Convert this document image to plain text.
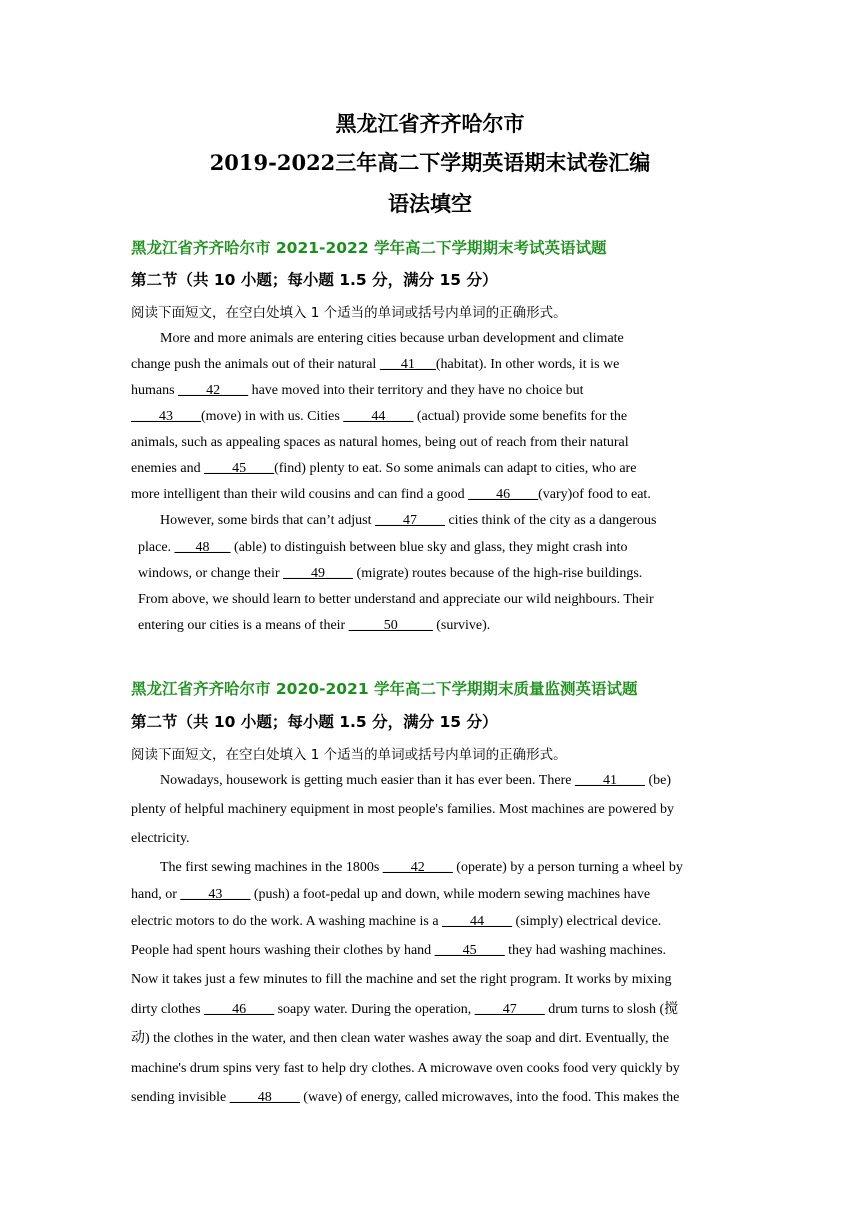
黑龙江省齐齐哈尔市
2019-2022三年高二下学期英语期末试卷汇编
语法填空
黑龙江省齐齐哈尔市 2021-2022 学年高二下学期期末考试英语试题
第二节（共 10 小题；每小题 1.5 分，满分 15 分）
阅读下面短文，在空白处填入 1 个适当的单词或括号内单词的正确形式。
More and more animals are entering cities because urban development and climate
change push the animals out of their natural ___41___(habitat). In other words, it is we
humans ____42____ have moved into their territory and they have no choice but
____43____(move) in with us. Cities ____44____ (actual) provide some benefits for the
animals, such as appealing spaces as natural homes, being out of reach from their natural
enemies and ____45____(find) plenty to eat. So some animals can adapt to cities, who are
more intelligent than their wild cousins and can find a good ____46____(vary)of food to eat.
However, some birds that can’t adjust ____47____ cities think of the city as a dangerous
place. ___48___ (able) to distinguish between blue sky and glass, they might crash into
windows, or change their ____49____ (migrate) routes because of the high-rise buildings.
From above, we should learn to better understand and appreciate our wild neighbours. Their
entering our cities is a means of their _____50_____ (survive).
黑龙江省齐齐哈尔市 2020-2021 学年高二下学期期末质量监测英语试题
第二节（共 10 小题；每小题 1.5 分，满分 15 分）
阅读下面短文，在空白处填入 1 个适当的单词或括号内单词的正确形式。
Nowadays, housework is getting much easier than it has ever been. There ____41____ (be)
plenty of helpful machinery equipment in most people's families. Most machines are powered by
electricity.
The first sewing machines in the 1800s ____42____ (operate) by a person turning a wheel by
hand, or ____43____ (push) a foot-pedal up and down, while modern sewing machines have
electric motors to do the work. A washing machine is a ____44____ (simply) electrical device.
People had spent hours washing their clothes by hand ____45____ they had washing machines.
Now it takes just a few minutes to fill the machine and set the right program. It works by mixing
dirty clothes ____46____ soapy water. During the operation, ____47____ drum turns to slosh (搅
动) the clothes in the water, and then clean water washes away the soap and dirt. Eventually, the
machine's drum spins very fast to help dry clothes. A microwave oven cooks food very quickly by
sending invisible ____48____ (wave) of energy, called microwaves, into the food. This makes the
